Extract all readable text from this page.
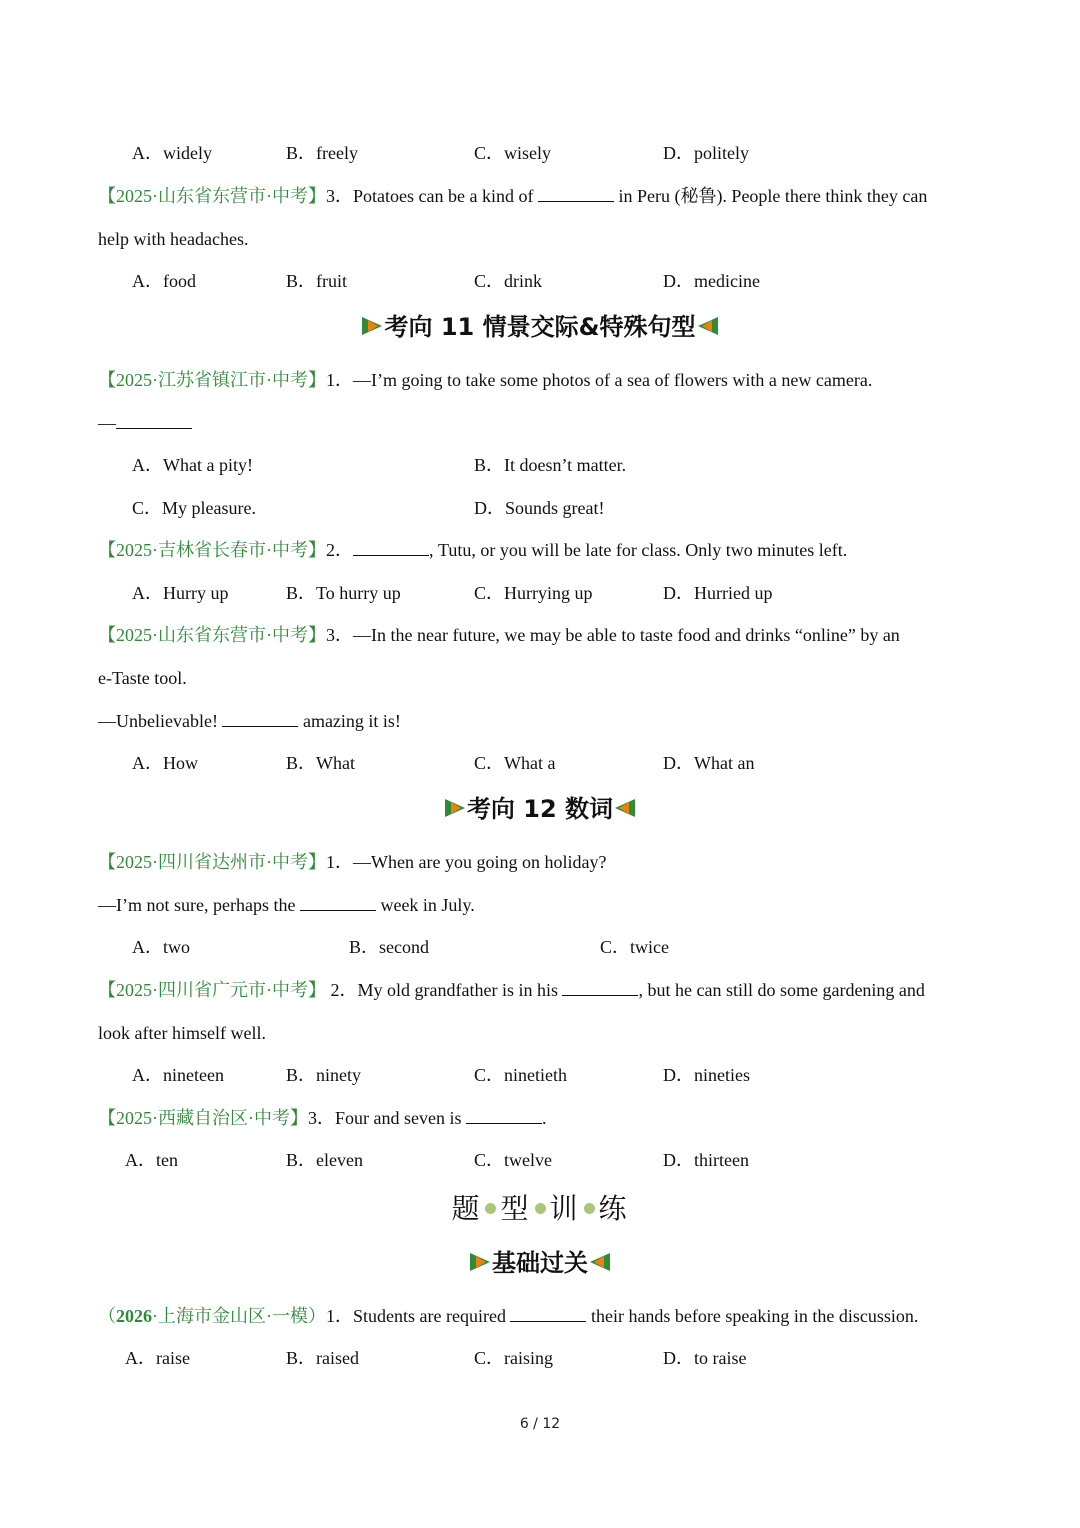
A．widely	B．freely	C．wisely	D．politely
【2025·山东省东营市·中考】3．Potatoes can be a kind of	in Peru (秘鲁). People there think they can
help with headaches.
A．food	B．fruit	C．drink	D．medicine
考向 11 情景交际&特殊句型
【2025·江苏省镇江市·中考】1．—I’m going to take some photos of a sea of flowers with a new camera.
—
A．What a pity!	B．It doesn’t matter.
C．My pleasure.	D．Sounds great!
【2025·吉林省长春市·中考】2．	, Tutu, or you will be late for class. Only two minutes left.
A．Hurry up	B．To hurry up	C．Hurrying up	D．Hurried up
【2025·山东省东营市·中考】3．—In the near future, we may be able to taste food and drinks “online” by an
e-Taste tool.
—Unbelievable!	amazing it is!
A．How	B．What	C．What a	D．What an
考向 12 数词
【2025·四川省达州市·中考】1．—When are you going on holiday?
—I’m not sure, perhaps the	week in July.
A．two	B．second	C．twice
【2025·四川省广元市·中考】 2．My old grandfather is in his	, but he can still do some gardening and
look after himself well.
A．nineteen	B．ninety	C．ninetieth	D．nineties
【2025·西藏自治区·中考】3．Four and seven is	.
A．ten	B．eleven	C．twelve	D．thirteen
题 型 训 练
基础过关
（2026·上海市金山区·一模）1．Students are required	their hands before speaking in the discussion.
A．raise	B．raised	C．raising	D．to raise
6 / 12
